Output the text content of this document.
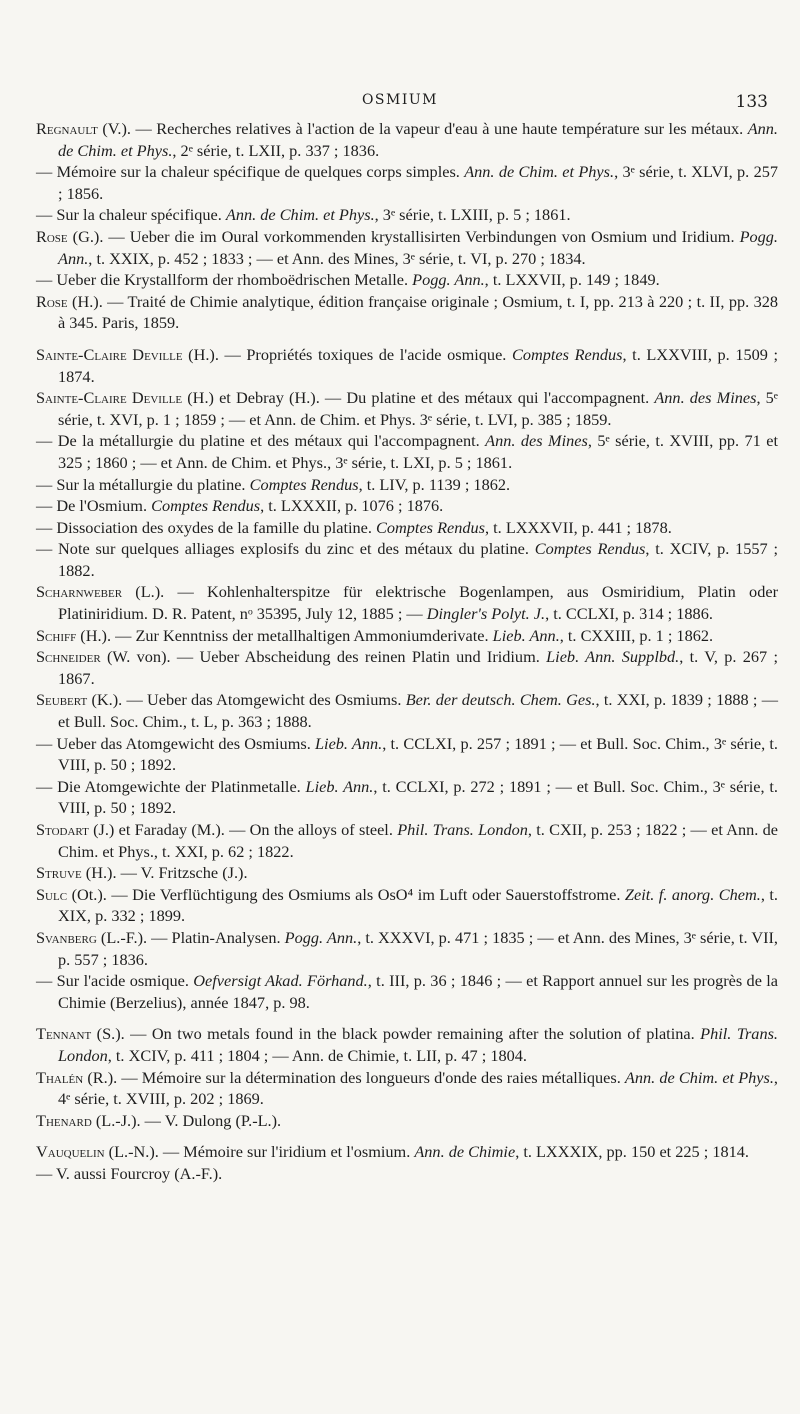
OSMIUM	133

Regnault (V.). — Recherches relatives à l'action de la vapeur d'eau à une haute température sur les métaux. Ann. de Chim. et Phys., 2ᵉ série, t. LXII, p. 337 ; 1836.

— Mémoire sur la chaleur spécifique de quelques corps simples. Ann. de Chim. et Phys., 3ᵉ série, t. XLVI, p. 257 ; 1856.

— Sur la chaleur spécifique. Ann. de Chim. et Phys., 3ᵉ série, t. LXIII, p. 5 ; 1861.

Rose (G.). — Ueber die im Oural vorkommenden krystallisirten Verbindungen von Osmium und Iridium. Pogg. Ann., t. XXIX, p. 452 ; 1833 ; — et Ann. des Mines, 3ᵉ série, t. VI, p. 270 ; 1834.

— Ueber die Krystallform der rhomboëdrischen Metalle. Pogg. Ann., t. LXXVII, p. 149 ; 1849.

Rose (H.). — Traité de Chimie analytique, édition française originale ; Osmium, t. I, pp. 213 à 220 ; t. II, pp. 328 à 345. Paris, 1859.

Sainte-Claire Deville (H.). — Propriétés toxiques de l'acide osmique. Comptes Rendus, t. LXXVIII, p. 1509 ; 1874.

Sainte-Claire Deville (H.) et Debray (H.). — Du platine et des métaux qui l'accompagnent. Ann. des Mines, 5ᵉ série, t. XVI, p. 1 ; 1859 ; — et Ann. de Chim. et Phys. 3ᵉ série, t. LVI, p. 385 ; 1859.

— De la métallurgie du platine et des métaux qui l'accompagnent. Ann. des Mines, 5ᵉ série, t. XVIII, pp. 71 et 325 ; 1860 ; — et Ann. de Chim. et Phys., 3ᵉ série, t. LXI, p. 5 ; 1861.

— Sur la métallurgie du platine. Comptes Rendus, t. LIV, p. 1139 ; 1862.

— De l'Osmium. Comptes Rendus, t. LXXXII, p. 1076 ; 1876.

— Dissociation des oxydes de la famille du platine. Comptes Rendus, t. LXXXVII, p. 441 ; 1878.

— Note sur quelques alliages explosifs du zinc et des métaux du platine. Comptes Rendus, t. XCIV, p. 1557 ; 1882.

Scharnweber (L.). — Kohlenhalterspitze für elektrische Bogenlampen, aus Osmiridium, Platin oder Platiniridium. D. R. Patent, nᵒ 35395, July 12, 1885 ; — Dingler's Polyt. J., t. CCLXI, p. 314 ; 1886.

Schiff (H.). — Zur Kenntniss der metallhaltigen Ammoniumderivate. Lieb. Ann., t. CXXIII, p. 1 ; 1862.

Schneider (W. von). — Ueber Abscheidung des reinen Platin und Iridium. Lieb. Ann. Supplbd., t. V, p. 267 ; 1867.

Seubert (K.). — Ueber das Atomgewicht des Osmiums. Ber. der deutsch. Chem. Ges., t. XXI, p. 1839 ; 1888 ; — et Bull. Soc. Chim., t. L, p. 363 ; 1888.

— Ueber das Atomgewicht des Osmiums. Lieb. Ann., t. CCLXI, p. 257 ; 1891 ; — et Bull. Soc. Chim., 3ᵉ série, t. VIII, p. 50 ; 1892.

— Die Atomgewichte der Platinmetalle. Lieb. Ann., t. CCLXI, p. 272 ; 1891 ; — et Bull. Soc. Chim., 3ᵉ série, t. VIII, p. 50 ; 1892.

Stodart (J.) et Faraday (M.). — On the alloys of steel. Phil. Trans. London, t. CXII, p. 253 ; 1822 ; — et Ann. de Chim. et Phys., t. XXI, p. 62 ; 1822.

Struve (H.). — V. Fritzsche (J.).

Sulc (Ot.). — Die Verflüchtigung des Osmiums als OsO⁴ im Luft oder Sauerstoffstrome. Zeit. f. anorg. Chem., t. XIX, p. 332 ; 1899.

Svanberg (L.-F.). — Platin-Analysen. Pogg. Ann., t. XXXVI, p. 471 ; 1835 ; — et Ann. des Mines, 3ᵉ série, t. VII, p. 557 ; 1836.

— Sur l'acide osmique. Oefversigt Akad. Förhand., t. III, p. 36 ; 1846 ; — et Rapport annuel sur les progrès de la Chimie (Berzelius), année 1847, p. 98.

Tennant (S.). — On two metals found in the black powder remaining after the solution of platina. Phil. Trans. London, t. XCIV, p. 411 ; 1804 ; — Ann. de Chimie, t. LII, p. 47 ; 1804.

Thalén (R.). — Mémoire sur la détermination des longueurs d'onde des raies métalliques. Ann. de Chim. et Phys., 4ᵉ série, t. XVIII, p. 202 ; 1869.

Thenard (L.-J.). — V. Dulong (P.-L.).

Vauquelin (L.-N.). — Mémoire sur l'iridium et l'osmium. Ann. de Chimie, t. LXXXIX, pp. 150 et 225 ; 1814.

— V. aussi Fourcroy (A.-F.).
